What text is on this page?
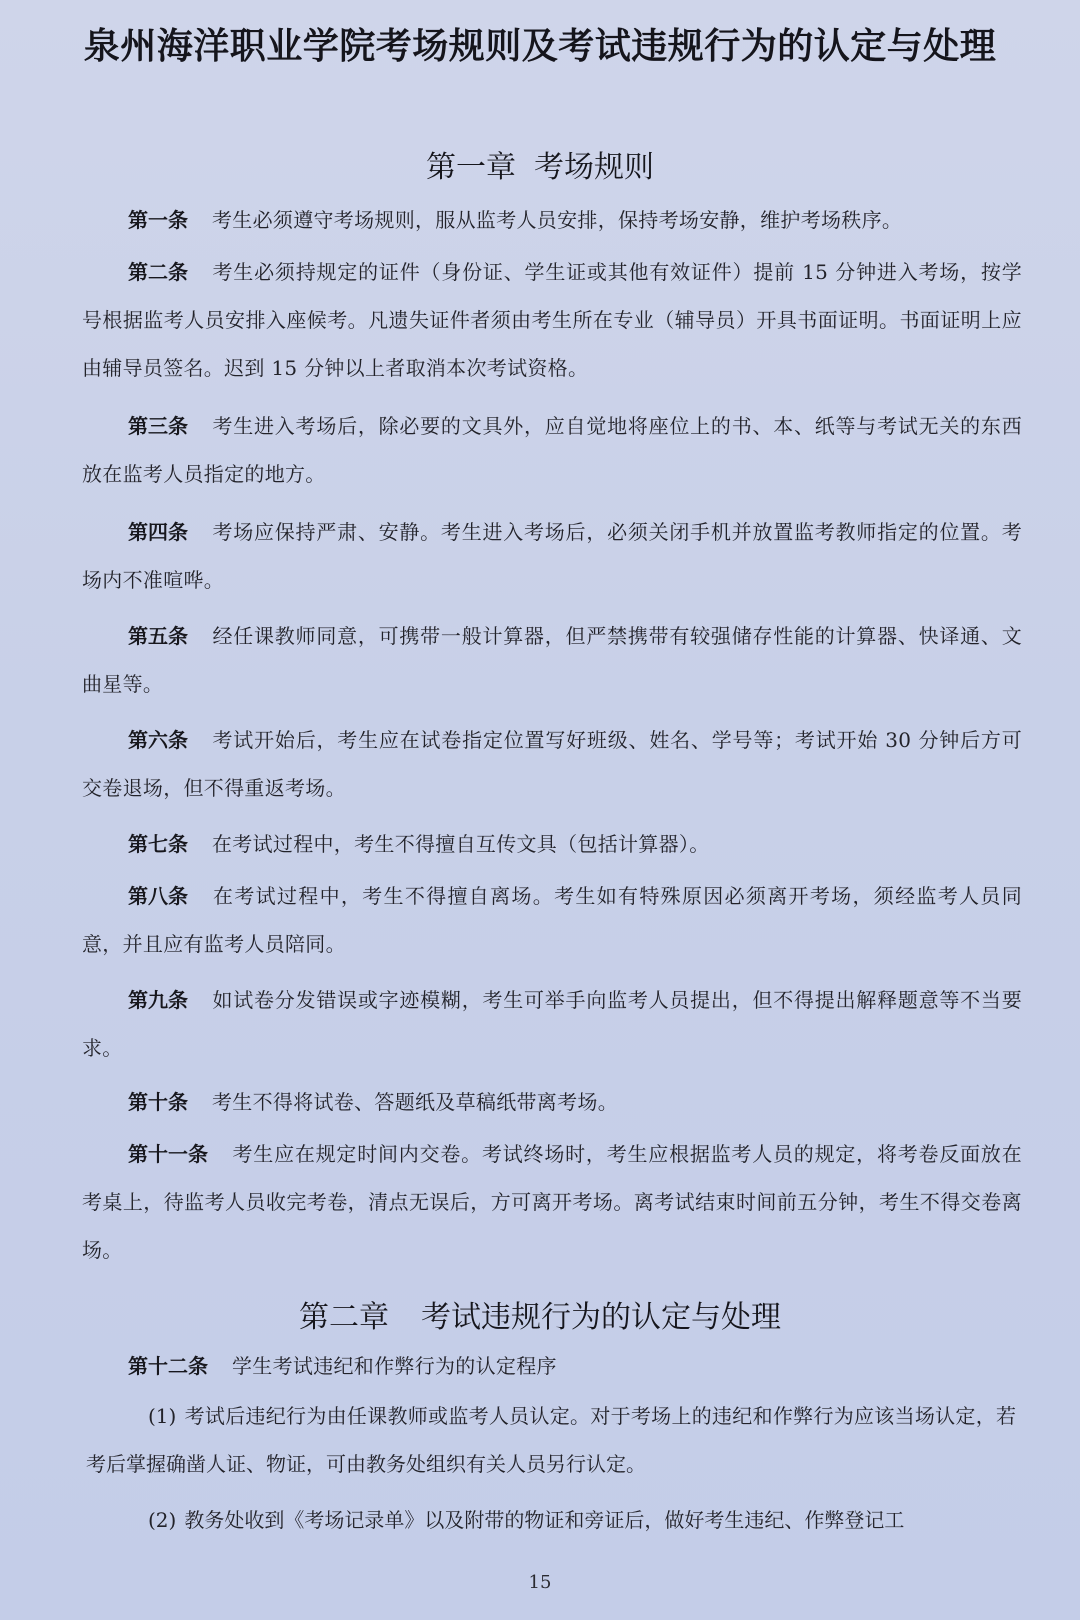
泉州海洋职业学院考场规则及考试违规行为的认定与处理
第一章 考场规则

第一条 考生必须遵守考场规则，服从监考人员安排，保持考场安静，维护考场秩序。

第二条 考生必须持规定的证件（身份证、学生证或其他有效证件）提前 15 分钟进入考场，按学号根据监考人员安排入座候考。凡遗失证件者须由考生所在专业（辅导员）开具书面证明。书面证明上应由辅导员签名。迟到 15 分钟以上者取消本次考试资格。

第三条 考生进入考场后，除必要的文具外，应自觉地将座位上的书、本、纸等与考试无关的东西放在监考人员指定的地方。

第四条 考场应保持严肃、安静。考生进入考场后，必须关闭手机并放置监考教师指定的位置。考场内不准喧哗。

第五条 经任课教师同意，可携带一般计算器，但严禁携带有较强储存性能的计算器、快译通、文曲星等。

第六条 考试开始后，考生应在试卷指定位置写好班级、姓名、学号等；考试开始 30 分钟后方可交卷退场，但不得重返考场。

第七条 在考试过程中，考生不得擅自互传文具（包括计算器）。

第八条 在考试过程中，考生不得擅自离场。考生如有特殊原因必须离开考场，须经监考人员同意，并且应有监考人员陪同。

第九条 如试卷分发错误或字迹模糊，考生可举手向监考人员提出，但不得提出解释题意等不当要求。

第十条 考生不得将试卷、答题纸及草稿纸带离考场。

第十一条 考生应在规定时间内交卷。考试终场时，考生应根据监考人员的规定，将考卷反面放在考桌上，待监考人员收完考卷，清点无误后，方可离开考场。离考试结束时间前五分钟，考生不得交卷离场。

第二章 考试违规行为的认定与处理

第十二条 学生考试违纪和作弊行为的认定程序

(1) 考试后违纪行为由任课教师或监考人员认定。对于考场上的违纪和作弊行为应该当场认定，若考后掌握确凿人证、物证，可由教务处组织有关人员另行认定。

(2) 教务处收到《考场记录单》以及附带的物证和旁证后，做好考生违纪、作弊登记工

15
